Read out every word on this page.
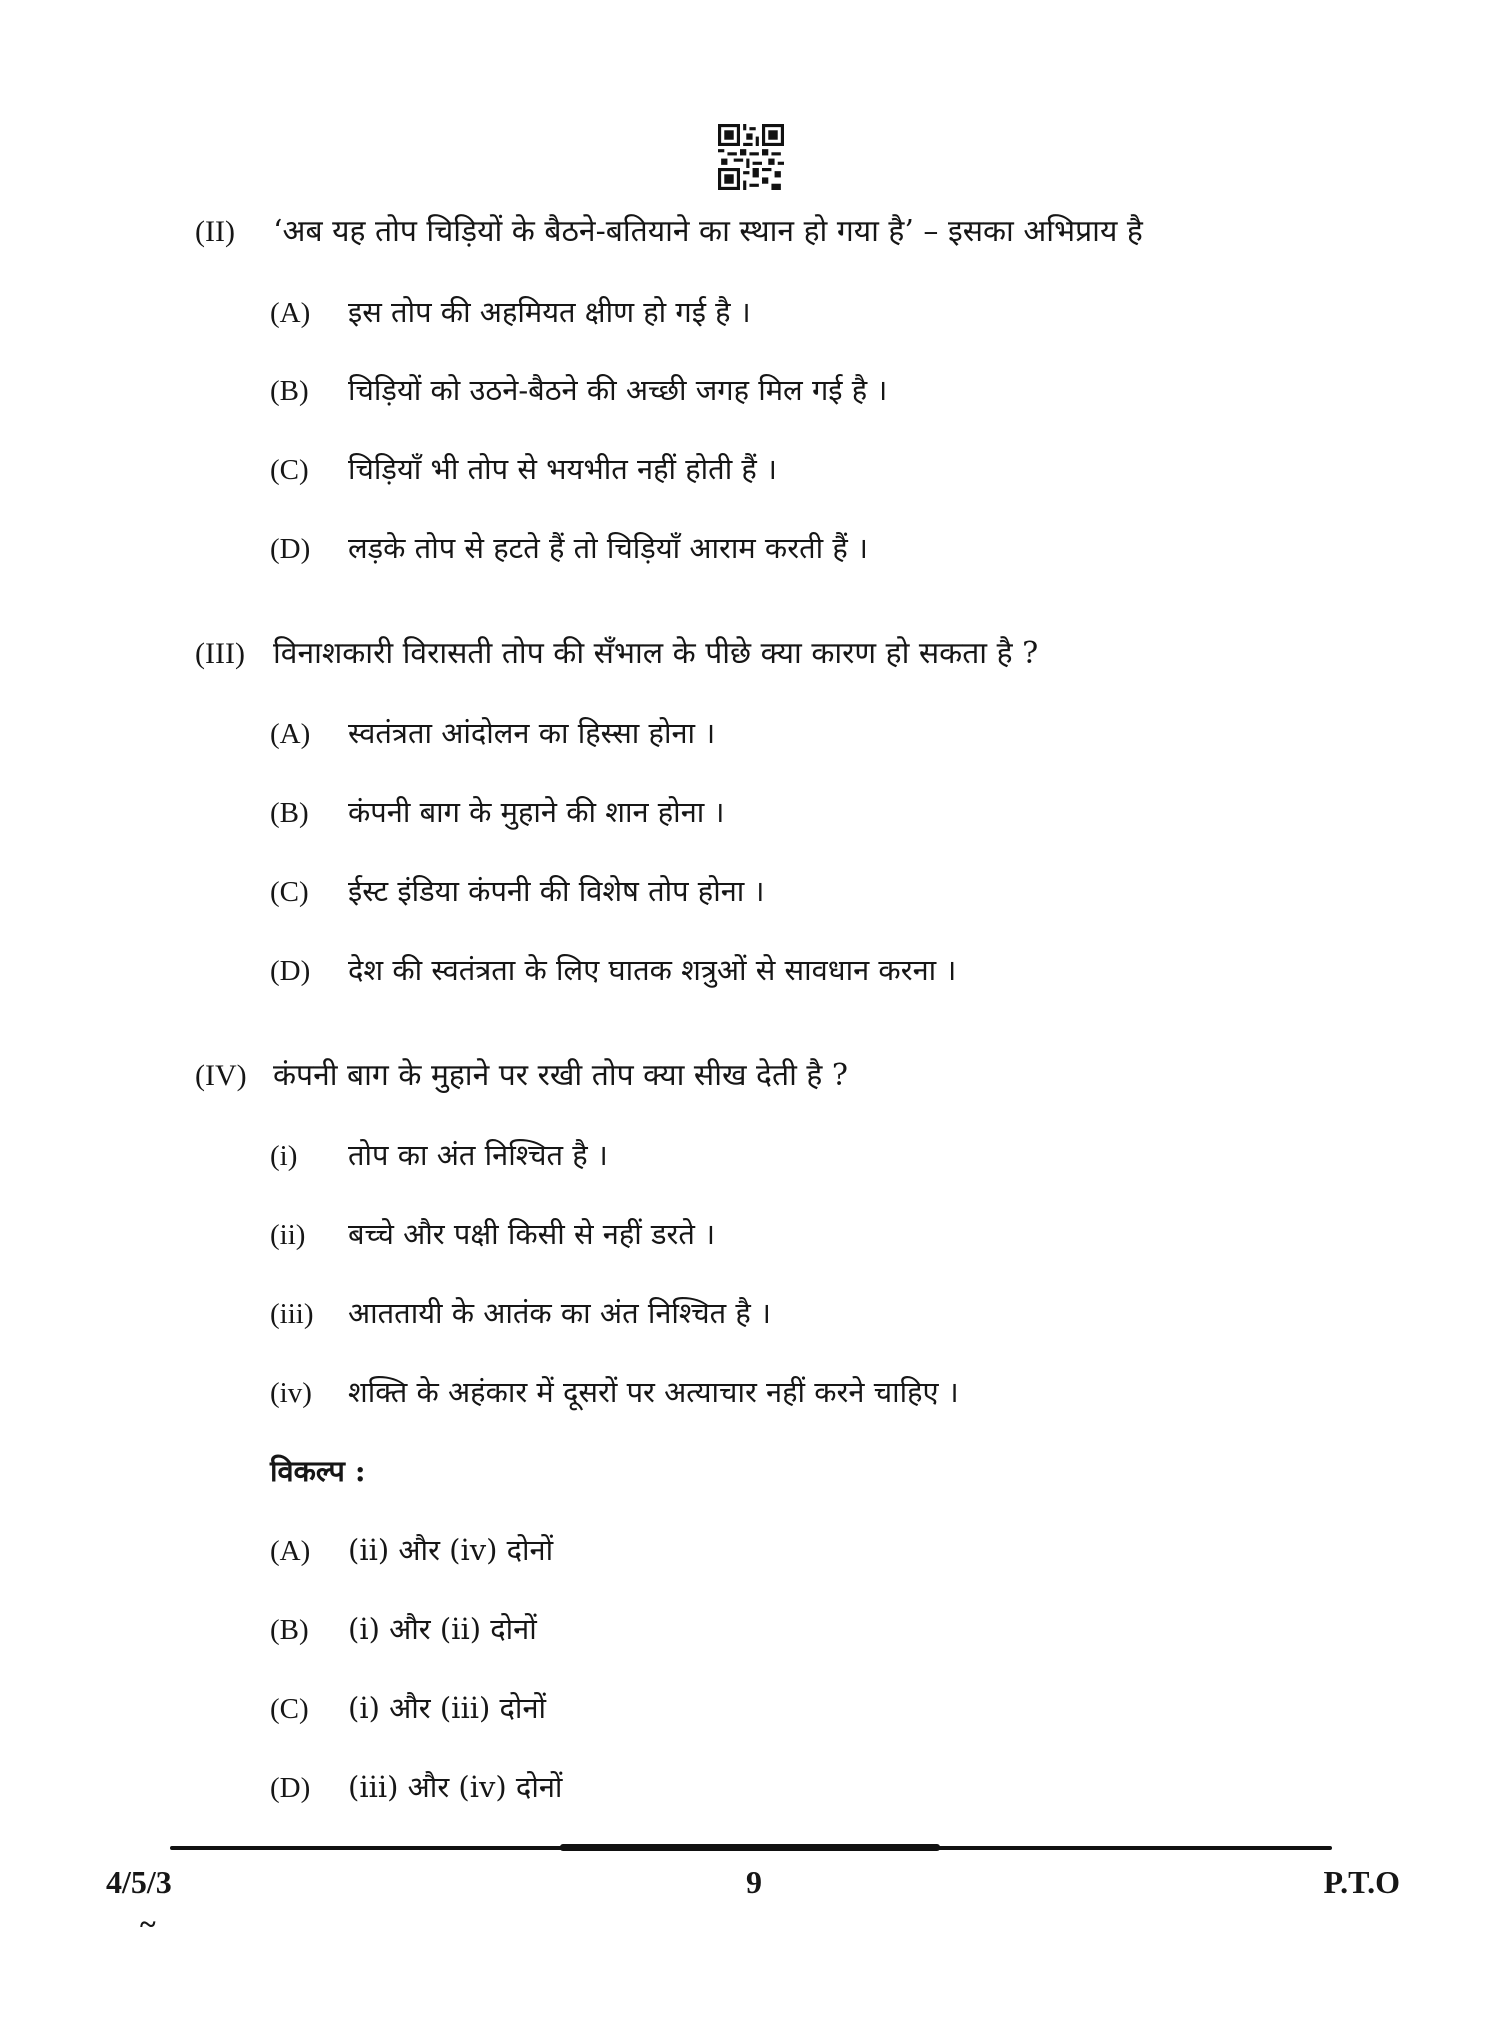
(II) ‘अब यह तोप चिड़ियों के बैठने-बतियाने का स्थान हो गया है’ – इसका अभिप्राय है
(A) इस तोप की अहमियत क्षीण हो गई है ।
(B) चिड़ियों को उठने-बैठने की अच्छी जगह मिल गई है ।
(C) चिड़ियाँ भी तोप से भयभीत नहीं होती हैं ।
(D) लड़के तोप से हटते हैं तो चिड़ियाँ आराम करती हैं ।
(III) विनाशकारी विरासती तोप की सँभाल के पीछे क्या कारण हो सकता है ?
(A) स्वतंत्रता आंदोलन का हिस्सा होना ।
(B) कंपनी बाग के मुहाने की शान होना ।
(C) ईस्ट इंडिया कंपनी की विशेष तोप होना ।
(D) देश की स्वतंत्रता के लिए घातक शत्रुओं से सावधान करना ।
(IV) कंपनी बाग के मुहाने पर रखी तोप क्या सीख देती है ?
(i) तोप का अंत निश्चित है ।
(ii) बच्चे और पक्षी किसी से नहीं डरते ।
(iii) आततायी के आतंक का अंत निश्चित है ।
(iv) शक्ति के अहंकार में दूसरों पर अत्याचार नहीं करने चाहिए ।
विकल्प :
(A) (ii) और (iv) दोनों
(B) (i) और (ii) दोनों
(C) (i) और (iii) दोनों
(D) (iii) और (iv) दोनों
4/5/3	9	P.T.O
~
